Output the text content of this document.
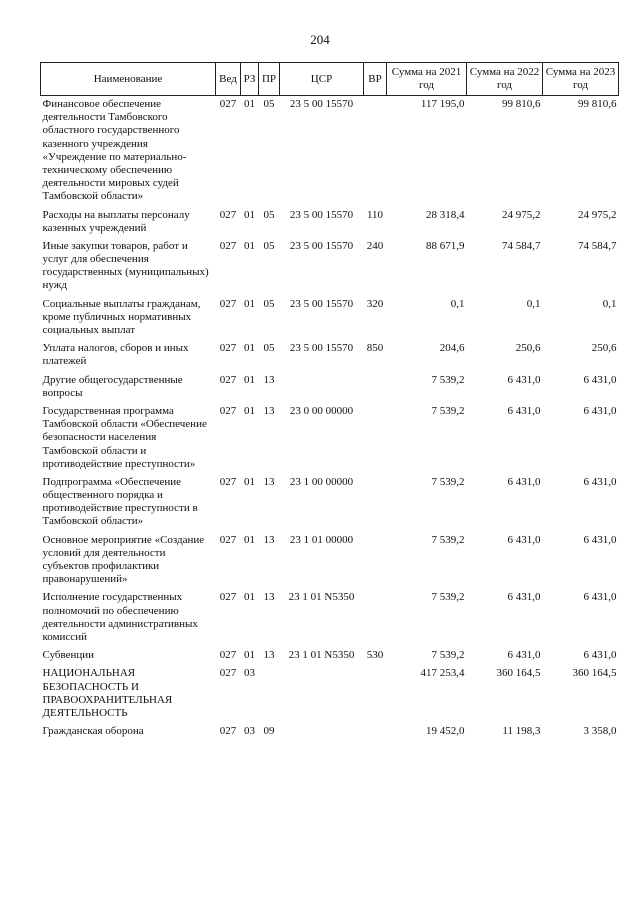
204
Наименование	Вед	РЗ	ПР	ЦСР	ВР	Сумма на 2021 год	Сумма на 2022 год	Сумма на 2023 год
Финансовое обеспечение деятельности Тамбовского областного государственного казенного учреждения «Учреждение по материально-техническому обеспечению деятельности мировых судей Тамбовской области»	027	01	05	23 5 00 15570		117 195,0	99 810,6	99 810,6
Расходы на выплаты персоналу казенных учреждений	027	01	05	23 5 00 15570	110	28 318,4	24 975,2	24 975,2
Иные закупки товаров, работ и услуг для обеспечения государственных (муниципальных) нужд	027	01	05	23 5 00 15570	240	88 671,9	74 584,7	74 584,7
Социальные выплаты гражданам, кроме публичных нормативных социальных выплат	027	01	05	23 5 00 15570	320	0,1	0,1	0,1
Уплата налогов, сборов и иных платежей	027	01	05	23 5 00 15570	850	204,6	250,6	250,6
Другие общегосударственные вопросы	027	01	13			7 539,2	6 431,0	6 431,0
Государственная программа Тамбовской области «Обеспечение безопасности населения Тамбовской области и противодействие преступности»	027	01	13	23 0 00 00000		7 539,2	6 431,0	6 431,0
Подпрограмма «Обеспечение общественного порядка и противодействие преступности в Тамбовской области»	027	01	13	23 1 00 00000		7 539,2	6 431,0	6 431,0
Основное мероприятие «Создание условий для деятельности субъектов профилактики правонарушений»	027	01	13	23 1 01 00000		7 539,2	6 431,0	6 431,0
Исполнение государственных полномочий по обеспечению деятельности административных комиссий	027	01	13	23 1 01 N5350		7 539,2	6 431,0	6 431,0
Субвенции	027	01	13	23 1 01 N5350	530	7 539,2	6 431,0	6 431,0
НАЦИОНАЛЬНАЯ БЕЗОПАСНОСТЬ И ПРАВООХРАНИТЕЛЬНАЯ ДЕЯТЕЛЬНОСТЬ	027	03				417 253,4	360 164,5	360 164,5
Гражданская оборона	027	03	09			19 452,0	11 198,3	3 358,0
